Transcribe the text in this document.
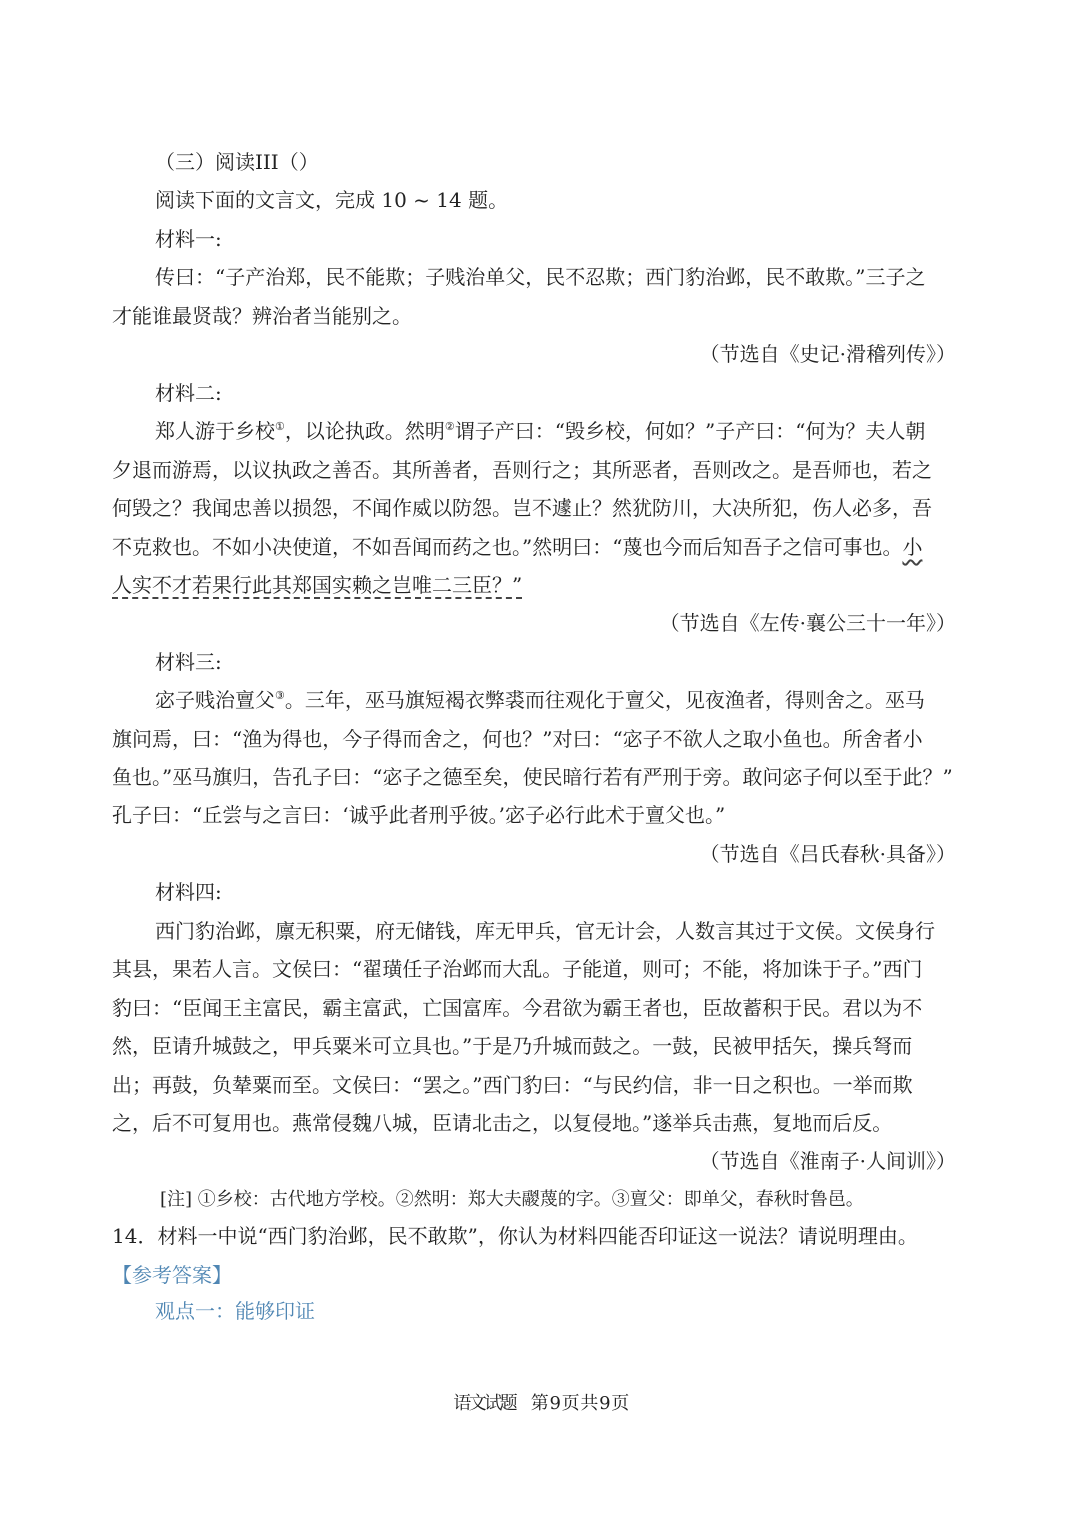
（三）阅读III（）
阅读下面的文言文，完成 10 ~ 14 题。
材料一:
传曰：“子产治郑，民不能欺；子贱治单父，民不忍欺；西门豹治邺，民不敢欺。”三子之
才能谁最贤哉？辨治者当能别之。
（节选自《史记·滑稽列传》）
材料二:
郑人游于乡校①，以论执政。然明②谓子产曰：“毁乡校，何如？”子产曰：“何为？夫人朝
夕退而游焉，以议执政之善否。其所善者，吾则行之；其所恶者，吾则改之。是吾师也，若之
何毁之？我闻忠善以损怨，不闻作威以防怨。岂不遽止？然犹防川，大决所犯，伤人必多，吾
不克救也。不如小决使道，不如吾闻而药之也。”然明曰：“蔑也今而后知吾子之信可事也。小
人实不才若果行此其郑国实赖之岂唯二三臣？”
（节选自《左传·襄公三十一年》）
材料三:
宓子贱治亶父③。三年，巫马旗短褐衣弊裘而往观化于亶父，见夜渔者，得则舍之。巫马
旗问焉，曰：“渔为得也，今子得而舍之，何也？”对曰：“宓子不欲人之取小鱼也。所舍者小
鱼也。”巫马旗归，告孔子曰：“宓子之德至矣，使民暗行若有严刑于旁。敢问宓子何以至于此？”
孔子曰：“丘尝与之言曰：‘诚乎此者刑乎彼。’宓子必行此术于亶父也。”
（节选自《吕氏春秋·具备》）
材料四:
西门豹治邺，廪无积粟，府无储钱，库无甲兵，官无计会，人数言其过于文侯。文侯身行
其县，果若人言。文侯曰：“翟璜任子治邺而大乱。子能道，则可；不能，将加诛于子。”西门
豹曰：“臣闻王主富民，霸主富武，亡国富库。今君欲为霸王者也，臣故蓄积于民。君以为不
然，臣请升城鼓之，甲兵粟米可立具也。”于是乃升城而鼓之。一鼓，民被甲括矢，操兵弩而
出；再鼓，负辇粟而至。文侯曰：“罢之。”西门豹曰：“与民约信，非一日之积也。一举而欺
之，后不可复用也。燕常侵魏八城，臣请北击之，以复侵地。”遂举兵击燕，复地而后反。
（节选自《淮南子·人间训》）
[注] ①乡校：古代地方学校。②然明：郑大夫鬷蔑的字。③亶父：即单父，春秋时鲁邑。
14．材料一中说“西门豹治邺，民不敢欺”，你认为材料四能否印证这一说法？请说明理由。
【参考答案】
观点一：能够印证
语文试题　第 9 页 共 9 页
